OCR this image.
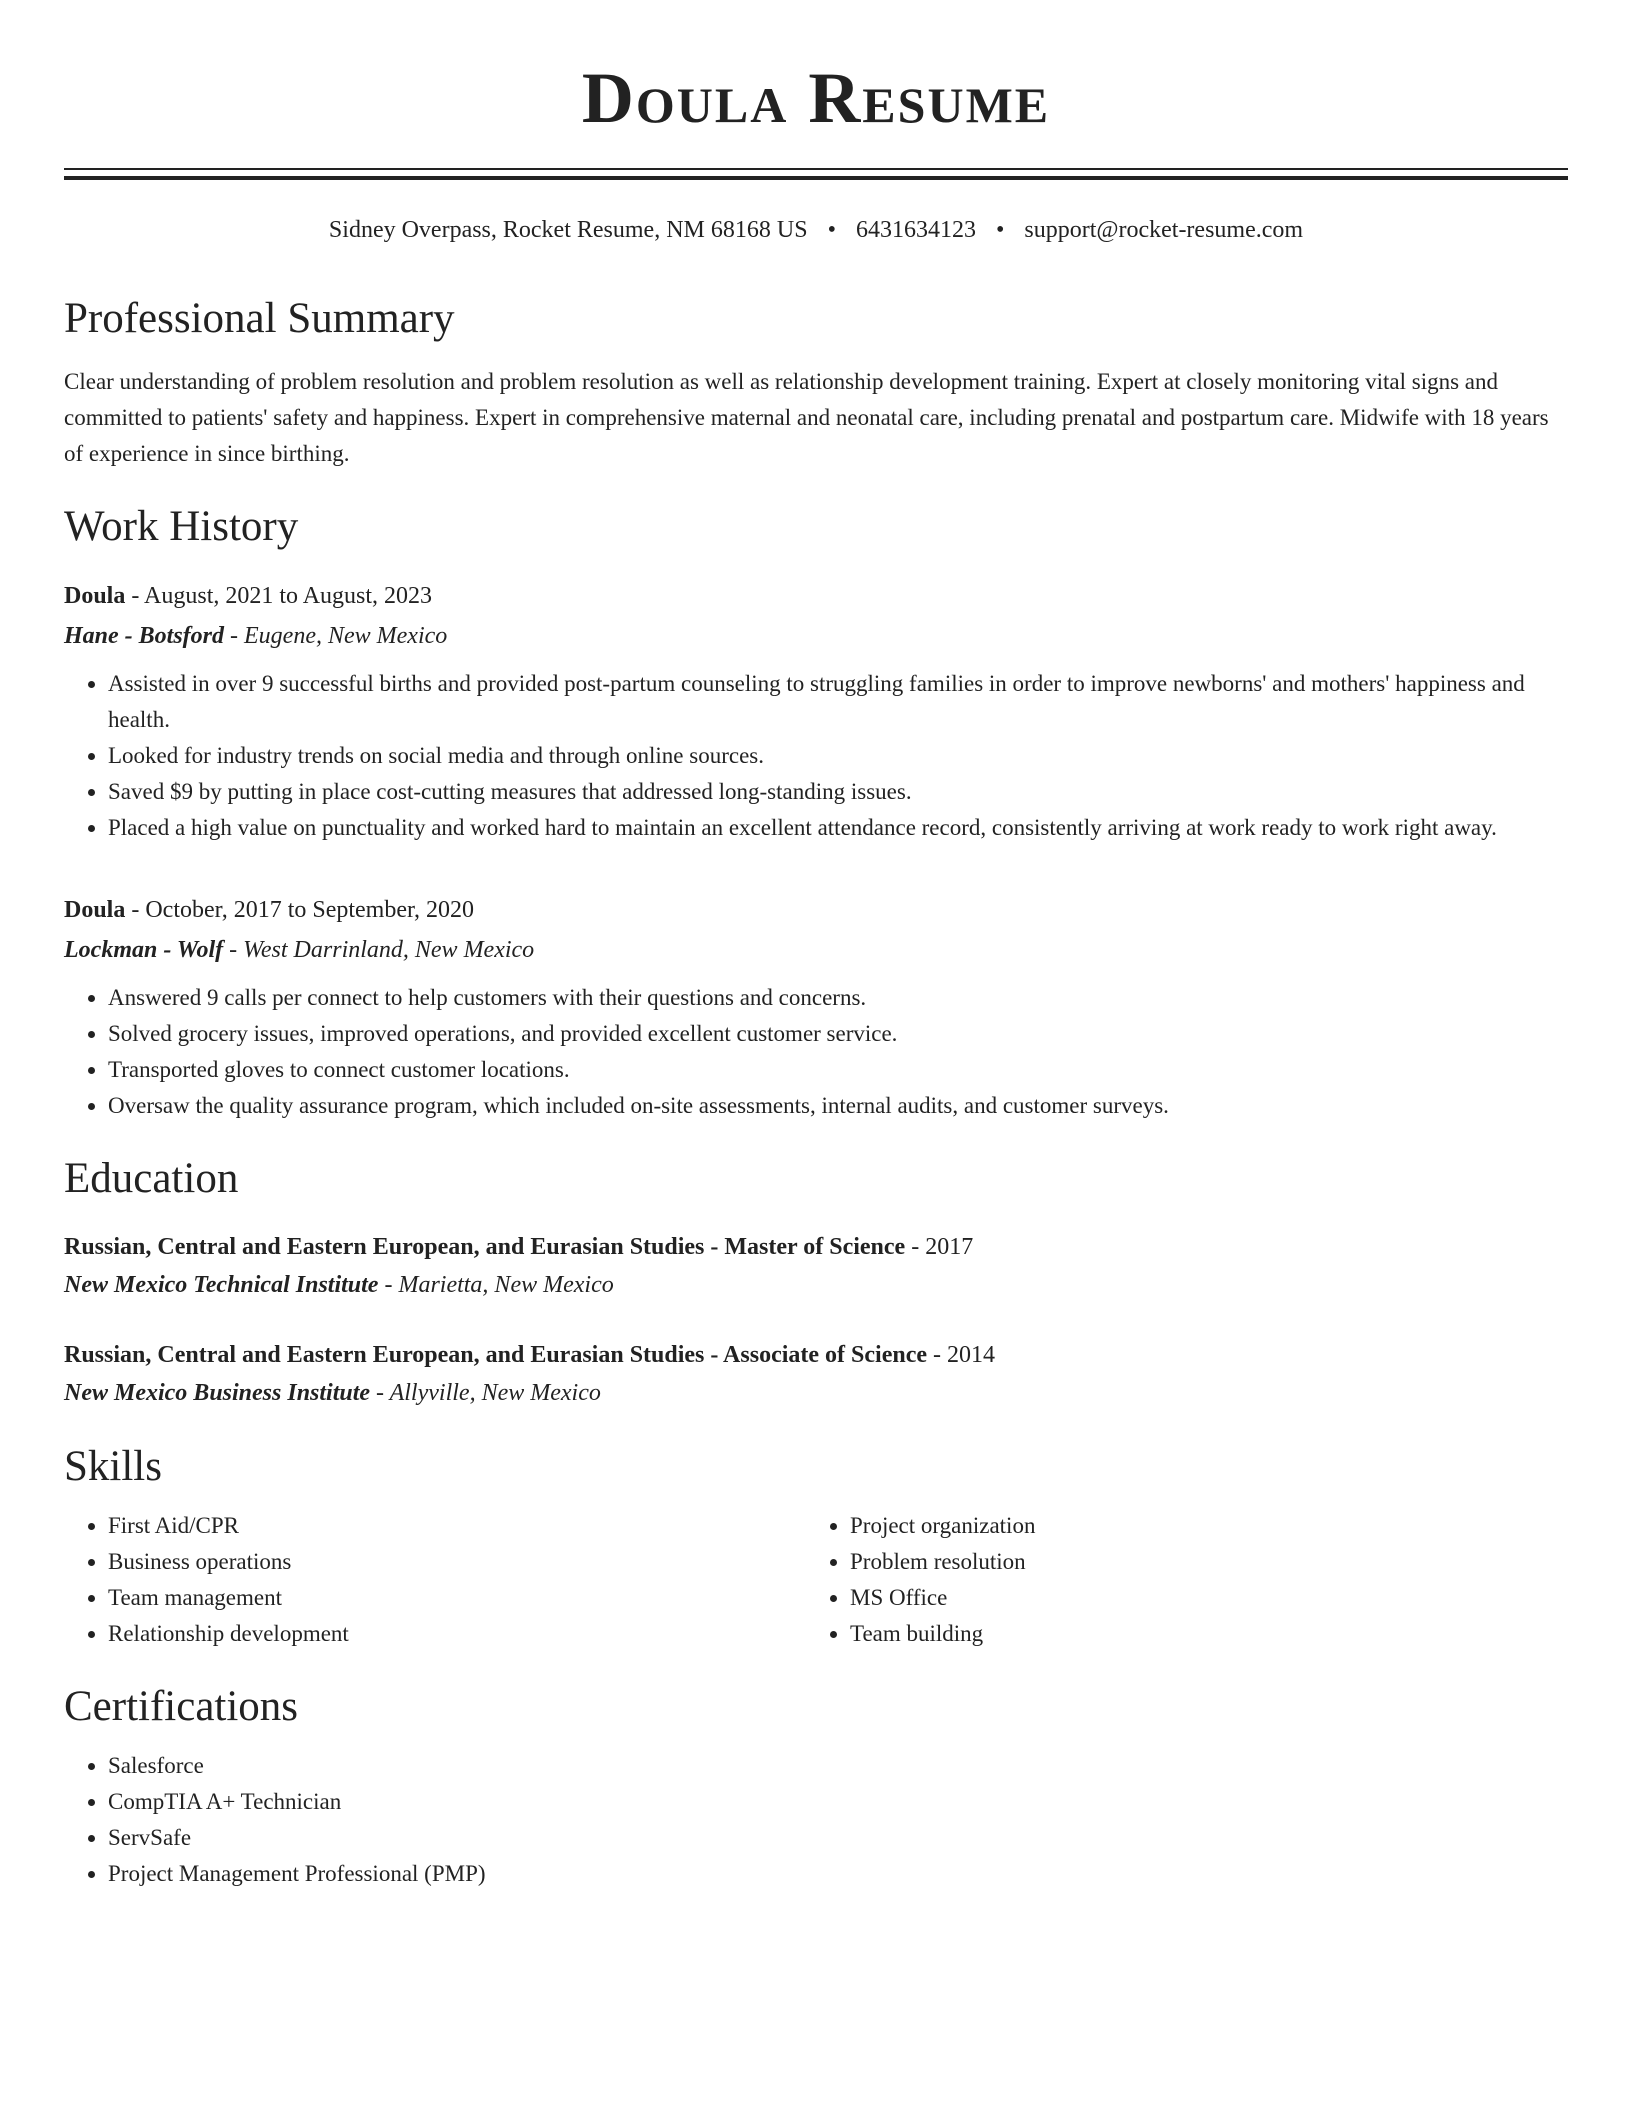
Doula Resume
Sidney Overpass, Rocket Resume, NM 68168 US • 6431634123 • support@rocket-resume.com
Professional Summary

Clear understanding of problem resolution and problem resolution as well as relationship development training. Expert at closely monitoring vital signs and committed to patients' safety and happiness. Expert in comprehensive maternal and neonatal care, including prenatal and postpartum care. Midwife with 18 years of experience in since birthing.

Work History
Doula - August, 2021 to August, 2023
Hane - Botsford - Eugene, New Mexico
• Assisted in over 9 successful births and provided post-partum counseling to struggling families in order to improve newborns' and mothers' happiness and health.
• Looked for industry trends on social media and through online sources.
• Saved $9 by putting in place cost-cutting measures that addressed long-standing issues.
• Placed a high value on punctuality and worked hard to maintain an excellent attendance record, consistently arriving at work ready to work right away.
Doula - October, 2017 to September, 2020
Lockman - Wolf - West Darrinland, New Mexico
• Answered 9 calls per connect to help customers with their questions and concerns.
• Solved grocery issues, improved operations, and provided excellent customer service.
• Transported gloves to connect customer locations.
• Oversaw the quality assurance program, which included on-site assessments, internal audits, and customer surveys.
Education
Russian, Central and Eastern European, and Eurasian Studies - Master of Science - 2017
New Mexico Technical Institute - Marietta, New Mexico
Russian, Central and Eastern European, and Eurasian Studies - Associate of Science - 2014
New Mexico Business Institute - Allyville, New Mexico
Skills
• First Aid/CPR
• Business operations
• Team management
• Relationship development
• Project organization
• Problem resolution
• MS Office
• Team building
Certifications
• Salesforce
• CompTIA A+ Technician
• ServSafe
• Project Management Professional (PMP)
